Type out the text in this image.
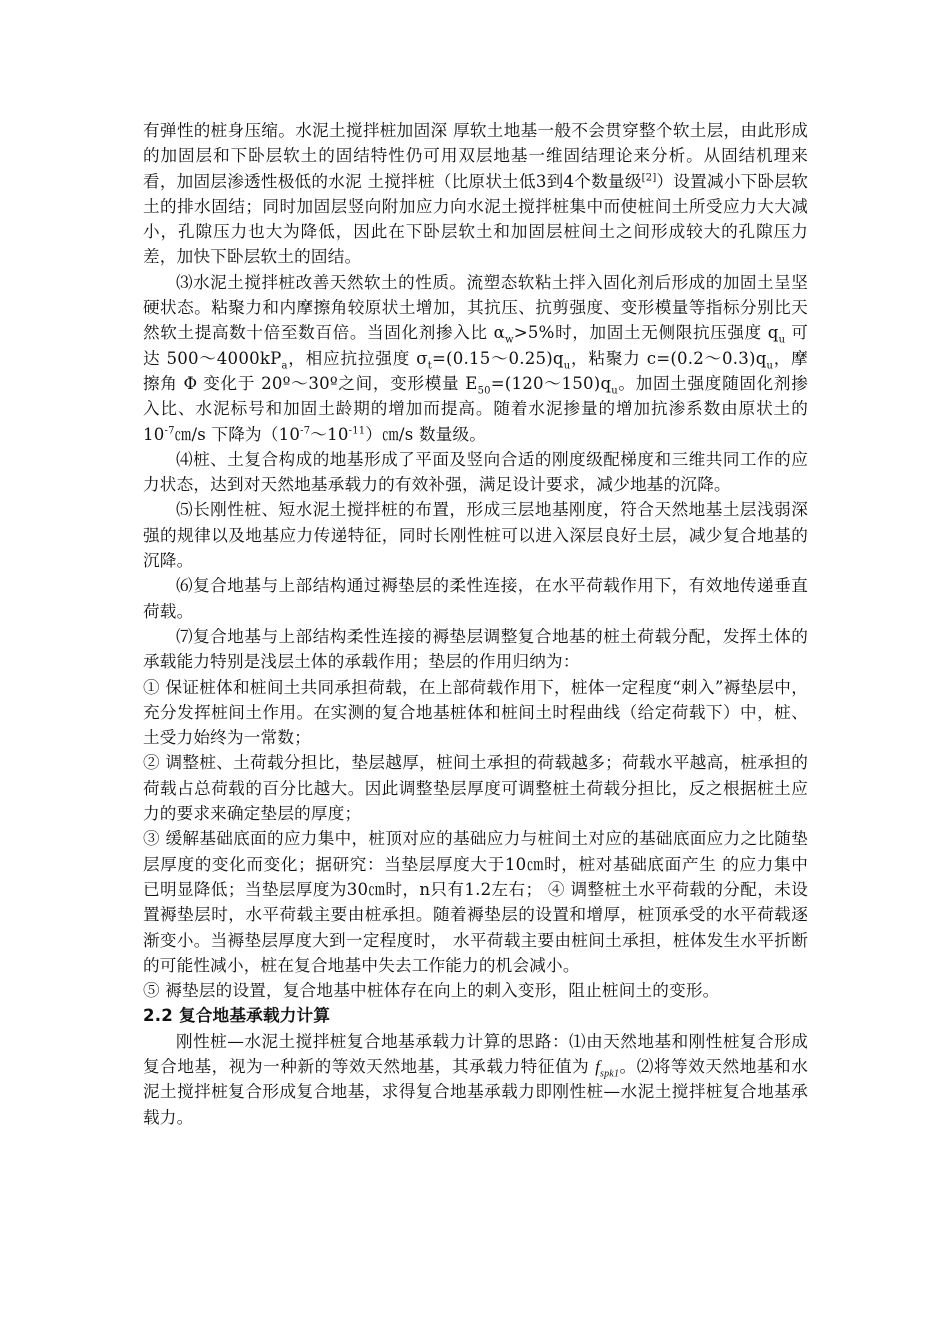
有弹性的桩身压缩。水泥土搅拌桩加固深 厚软土地基一般不会贯穿整个软土层，由此形成的加固层和下卧层软土的固结特性仍可用双层地基一维固结理论来分析。从固结机理来看，加固层渗透性极低的水泥 土搅拌桩（比原状土低3到4个数量级[2]）设置减小下卧层软土的排水固结；同时加固层竖向附加应力向水泥土搅拌桩集中而使桩间土所受应力大大减小，孔隙压力也大为降低，因此在下卧层软土和加固层桩间土之间形成较大的孔隙压力差，加快下卧层软土的固结。

⑶水泥土搅拌桩改善天然软土的性质。流塑态软粘土拌入固化剂后形成的加固土呈坚硬状态。粘聚力和内摩擦角较原状土增加，其抗压、抗剪强度、变形模量等指标分别比天然软土提高数十倍至数百倍。当固化剂掺入比 $\alpha_w>5\%$时，加固土无侧限抗压强度 $q_u$ 可达 $500\sim 4000kP_a$，相应抗拉强度 $\sigma_t=(0.15\sim 0.25)q_u$，粘聚力 $c=(0.2\sim 0.3)q_u$，摩擦角 Φ 变化于 20º～30º之间，变形模量 $E_{50}=(120\sim 150)q_u$。加固土强度随固化剂掺入比、水泥标号和加固土龄期的增加而提高。随着水泥掺量的增加抗渗系数由原状土的 $10^{-7}㎝/s$ 下降为$(10^{-7}\sim 10^{-11})㎝/s$ 数量级。

⑷桩、土复合构成的地基形成了平面及竖向合适的刚度级配梯度和三维共同工作的应力状态，达到对天然地基承载力的有效补强，满足设计要求，减少地基的沉降。

⑸长刚性桩、短水泥土搅拌桩的布置，形成三层地基刚度，符合天然地基土层浅弱深强的规律以及地基应力传递特征，同时长刚性桩可以进入深层良好土层，减少复合地基的沉降。

⑹复合地基与上部结构通过褥垫层的柔性连接，在水平荷载作用下，有效地传递垂直荷载。

⑺复合地基与上部结构柔性连接的褥垫层调整复合地基的桩土荷载分配，发挥土体的承载能力特别是浅层土体的承载作用；垫层的作用归纳为：

① 保证桩体和桩间土共同承担荷载，在上部荷载作用下，桩体一定程度“刺入”褥垫层中，充分发挥桩间土作用。在实测的复合地基桩体和桩间土时程曲线（给定荷载下）中，桩、土受力始终为一常数；

② 调整桩、土荷载分担比，垫层越厚，桩间土承担的荷载越多；荷载水平越高，桩承担的荷载占总荷载的百分比越大。因此调整垫层厚度可调整桩土荷载分担比，反之根据桩土应力的要求来确定垫层的厚度；

③ 缓解基础底面的应力集中，桩顶对应的基础应力与桩间土对应的基础底面应力之比随垫层厚度的变化而变化；据研究：当垫层厚度大于10㎝时，桩对基础底面产生 的应力集中已明显降低；当垫层厚度为30㎝时，n只有1.2左右； ④ 调整桩土水平荷载的分配，未设置褥垫层时，水平荷载主要由桩承担。随着褥垫层的设置和增厚，桩顶承受的水平荷载逐渐变小。当褥垫层厚度大到一定程度时， 水平荷载主要由桩间土承担，桩体发生水平折断的可能性减小，桩在复合地基中失去工作能力的机会减小。

⑤ 褥垫层的设置，复合地基中桩体存在向上的刺入变形，阻止桩间土的变形。

2.2 复合地基承载力计算

刚性桩—水泥土搅拌桩复合地基承载力计算的思路：⑴由天然地基和刚性桩复合形成复合地基，视为一种新的等效天然地基，其承载力特征值为 $f_{spk1}$。⑵将等效天然地基和水泥土搅拌桩复合形成复合地基，求得复合地基承载力即刚性桩—水泥土搅拌桩复合地基承载力。
